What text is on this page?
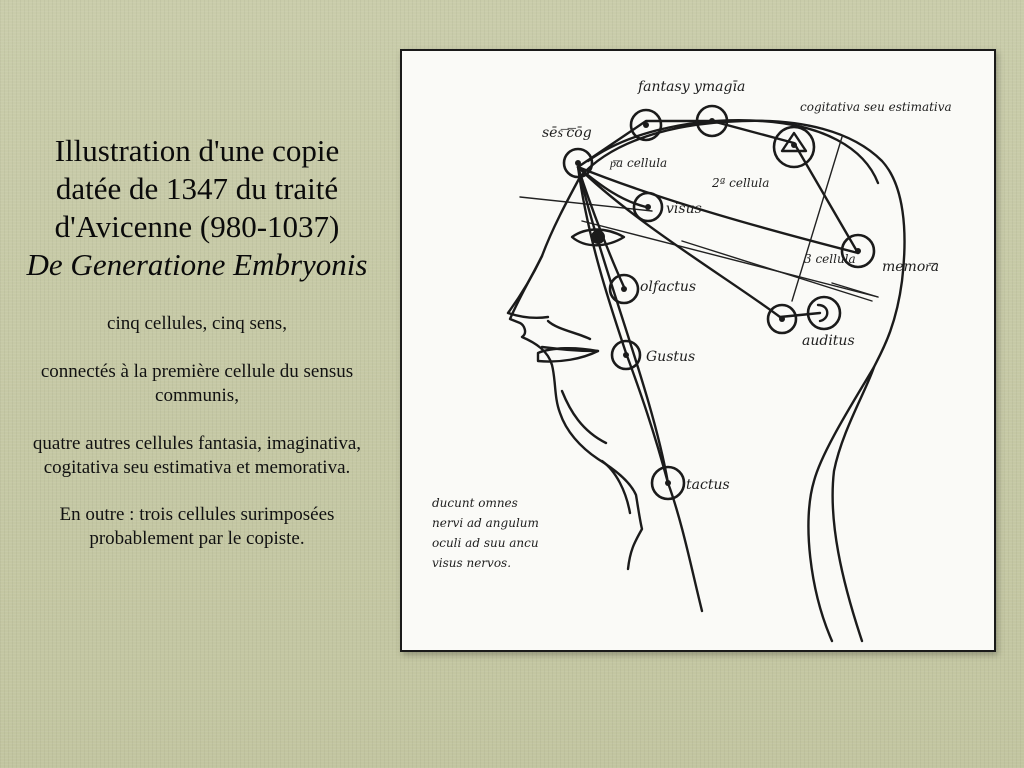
Illustration d'une copie
datée de 1347 du traité
d'Avicenne (980-1037)
De Generatione Embryonis

cinq cellules, cinq sens,

connectés à la première cellule du sensus communis,

quatre autres cellules fantasia, imaginativa, cogitativa seu estimativa et memorativa.

En outre : trois cellules surimposées probablement par le copiste.

sēs͞ ͞cōg
fantasy ymagīa
cogitativa seu estimativa
p͞a cellula
2ª cellula
3 cellula
visus
memor͞a
olfactus
auditus
Gustus
tactus
ducunt omnes
nervi ad angulum
oculi ad suu ancu
visus nervos.
